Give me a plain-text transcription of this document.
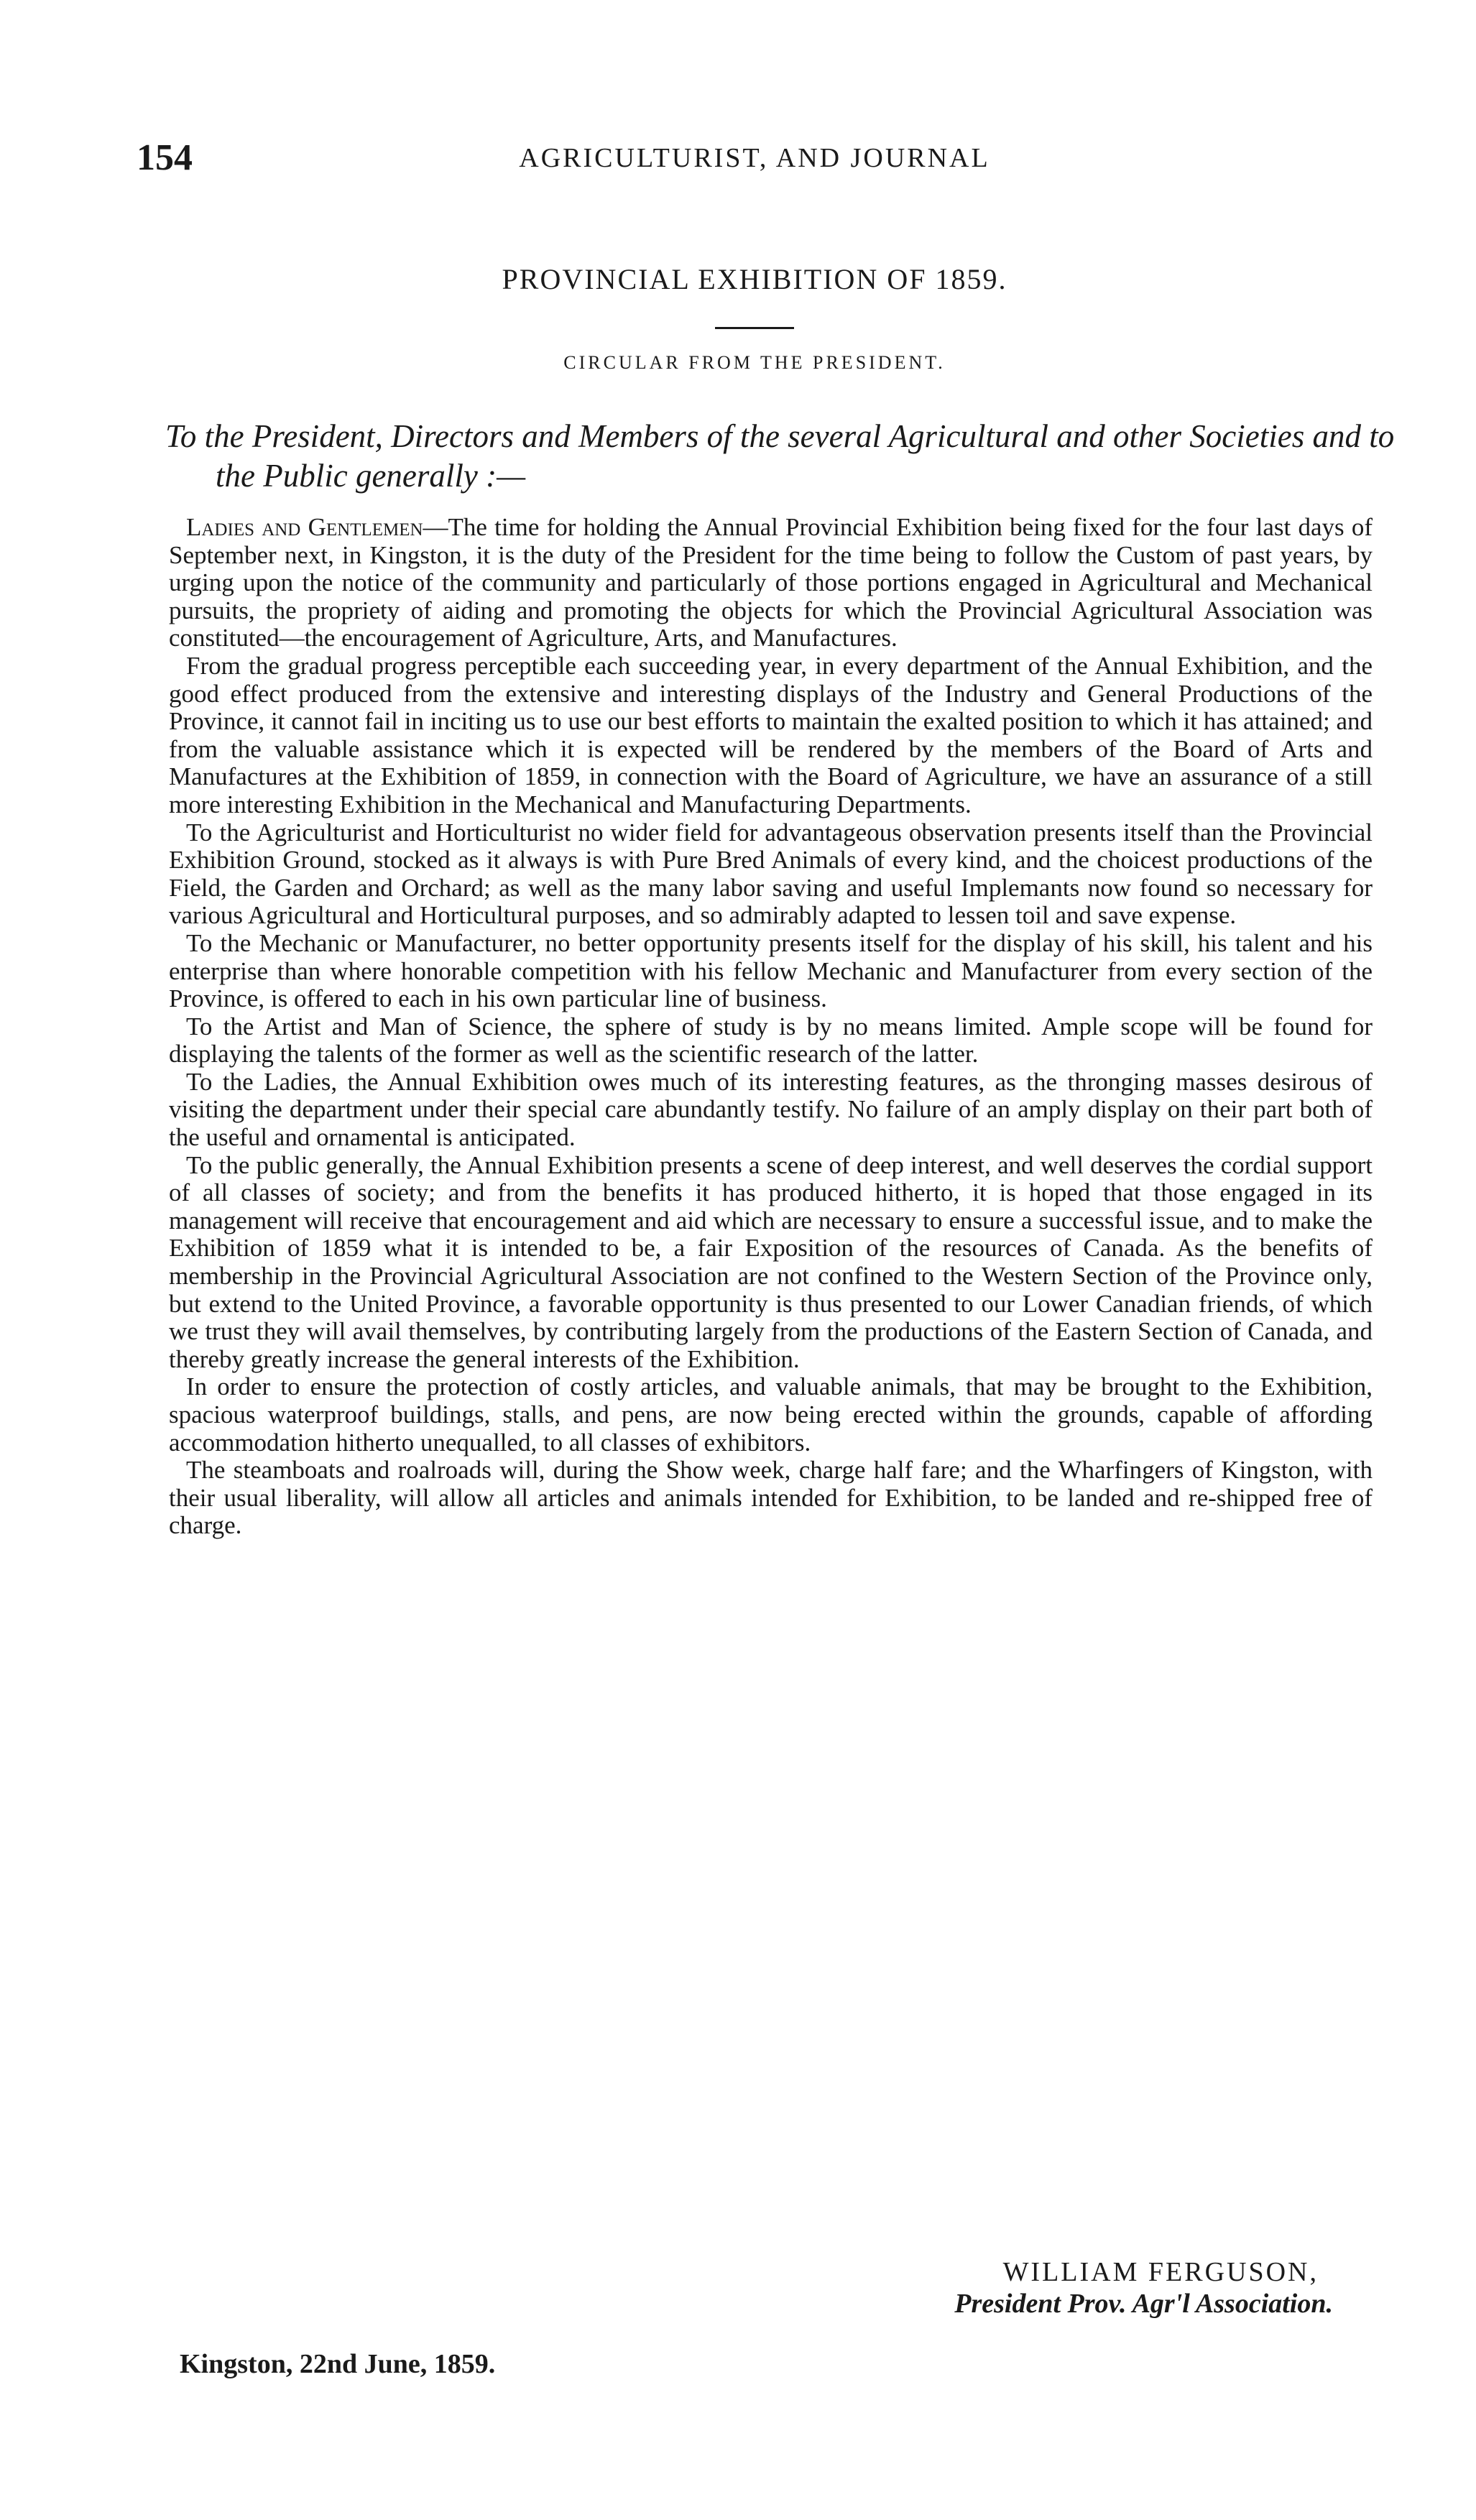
154	AGRICULTURIST, AND JOURNAL
PROVINCIAL EXHIBITION OF 1859.
CIRCULAR FROM THE PRESIDENT.
To the President, Directors and Members of the several Agricultural and other Societies and to the Public generally :—

Ladies and Gentlemen—The time for holding the Annual Provincial Exhibition being fixed for the four last days of September next, in Kingston, it is the duty of the President for the time being to follow the Custom of past years, by urging upon the notice of the community and particularly of those portions engaged in Agricultural and Mechanical pursuits, the propriety of aiding and promoting the objects for which the Provincial Agricultural Association was constituted—the encouragement of Agriculture, Arts, and Manufactures.

From the gradual progress perceptible each succeeding year, in every department of the Annual Exhibition, and the good effect produced from the extensive and interesting displays of the Industry and General Productions of the Province, it cannot fail in inciting us to use our best efforts to maintain the exalted position to which it has attained; and from the valuable assistance which it is expected will be rendered by the members of the Board of Arts and Manufactures at the Exhibition of 1859, in connection with the Board of Agriculture, we have an assurance of a still more interesting Exhibition in the Mechanical and Manufacturing Departments.

To the Agriculturist and Horticulturist no wider field for advantageous observation presents itself than the Provincial Exhibition Ground, stocked as it always is with Pure Bred Animals of every kind, and the choicest productions of the Field, the Garden and Orchard; as well as the many labor saving and useful Implemants now found so necessary for various Agricultural and Horticultural purposes, and so admirably adapted to lessen toil and save expense.

To the Mechanic or Manufacturer, no better opportunity presents itself for the display of his skill, his talent and his enterprise than where honorable competition with his fellow Mechanic and Manufacturer from every section of the Province, is offered to each in his own particular line of business.

To the Artist and Man of Science, the sphere of study is by no means limited. Ample scope will be found for displaying the talents of the former as well as the scientific research of the latter.

To the Ladies, the Annual Exhibition owes much of its interesting features, as the thronging masses desirous of visiting the department under their special care abundantly testify. No failure of an amply display on their part both of the useful and ornamental is anticipated.

To the public generally, the Annual Exhibition presents a scene of deep interest, and well deserves the cordial support of all classes of society; and from the benefits it has produced hitherto, it is hoped that those engaged in its management will receive that encouragement and aid which are necessary to ensure a successful issue, and to make the Exhibition of 1859 what it is intended to be, a fair Exposition of the resources of Canada. As the benefits of membership in the Provincial Agricultural Association are not confined to the Western Section of the Province only, but extend to the United Province, a favorable opportunity is thus presented to our Lower Canadian friends, of which we trust they will avail themselves, by contributing largely from the productions of the Eastern Section of Canada, and thereby greatly increase the general interests of the Exhibition.

In order to ensure the protection of costly articles, and valuable animals, that may be brought to the Exhibition, spacious waterproof buildings, stalls, and pens, are now being erected within the grounds, capable of affording accommodation hitherto unequalled, to all classes of exhibitors.

The steamboats and roalroads will, during the Show week, charge half fare; and the Wharfingers of Kingston, with their usual liberality, will allow all articles and animals intended for Exhibition, to be landed and re-shipped free of charge.

WILLIAM FERGUSON,
President Prov. Agr'l Association.
Kingston, 22nd June, 1859.
